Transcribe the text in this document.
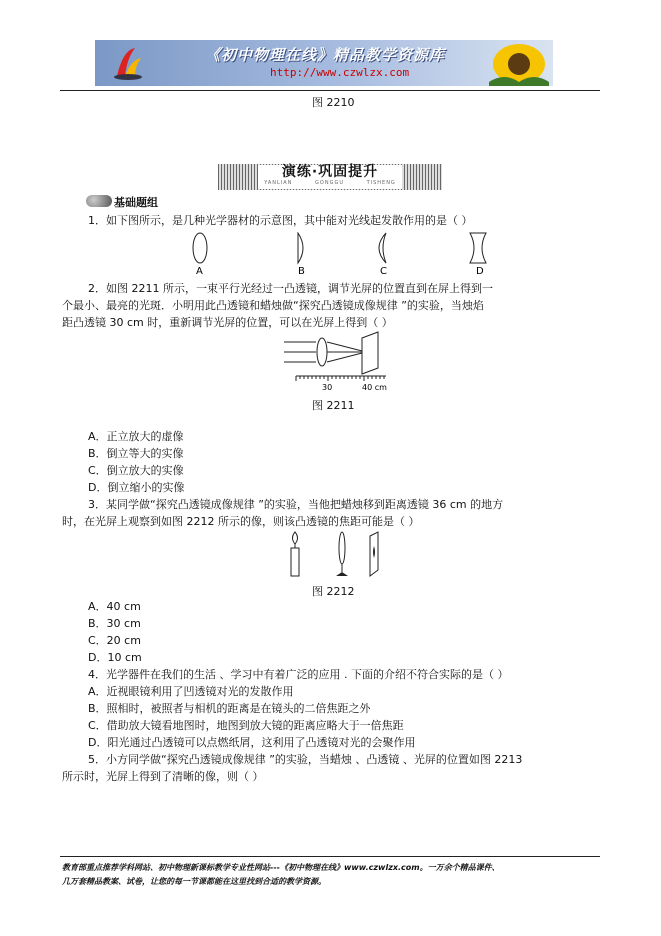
《初中物理在线》精品教学资源库
http://www.czwlzx.com
图 2210
演练·巩固提升
YANLIAN GONGGU TISHENG
基础题组
1．如下图所示，是几种光学器材的示意图，其中能对光线起发散作用的是（ ）
A	B	C	D
2．如图 2211 所示，一束平行光经过一凸透镜，调节光屏的位置直到在屏上得到一
个最小、最亮的光斑．小明用此凸透镜和蜡烛做“探究凸透镜成像规律 ”的实验，当烛焰
距凸透镜 30 cm 时，重新调节光屏的位置，可以在光屏上得到（ ）
30	40 cm
图 2211
A．正立放大的虚像
B．倒立等大的实像
C．倒立放大的实像
D．倒立缩小的实像
3．某同学做“探究凸透镜成像规律 ”的实验，当他把蜡烛移到距离透镜 36 cm 的地方
时，在光屏上观察到如图 2212 所示的像，则该凸透镜的焦距可能是（ ）
图 2212
A．40 cm
B．30 cm
C．20 cm
D．10 cm
4．光学器件在我们的生活 、学习中有着广泛的应用 . 下面的介绍不符合实际的是（ ）
A．近视眼镜利用了凹透镜对光的发散作用
B．照相时，被照者与相机的距离是在镜头的二倍焦距之外
C．借助放大镜看地图时，地图到放大镜的距离应略大于一倍焦距
D．阳光通过凸透镜可以点燃纸屑，这利用了凸透镜对光的会聚作用
5．小方同学做“探究凸透镜成像规律 ”的实验，当蜡烛 、凸透镜 、光屏的位置如图 2213
所示时，光屏上得到了清晰的像，则（ ）
教育部重点推荐学科网站、初中物理新课标教学专业性网站---《初中物理在线》www.czwlzx.com。一万余个精品课件、
几万套精品教案、试卷，让您的每一节课都能在这里找到合适的教学资源。
